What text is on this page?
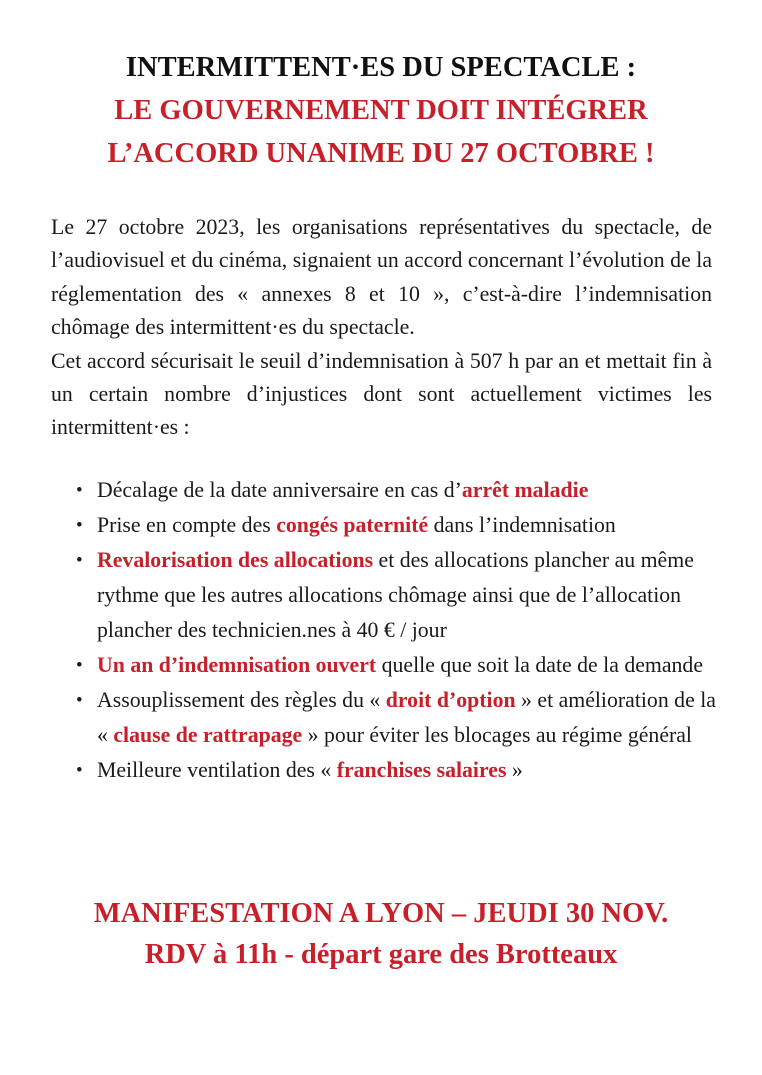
INTERMITTENT·ES DU SPECTACLE :
LE GOUVERNEMENT DOIT INTÉGRER
L’ACCORD UNANIME DU 27 OCTOBRE !

Le 27 octobre 2023, les organisations représentatives du spectacle, de l’audiovisuel et du cinéma, signaient un accord concernant l’évolution de la réglementation des « annexes 8 et 10 », c’est-à-dire l’indemnisation chômage des intermittent·es du spectacle.

Cet accord sécurisait le seuil d’indemnisation à 507 h par an et mettait fin à un certain nombre d’injustices dont sont actuellement victimes les intermittent·es :

• Décalage de la date anniversaire en cas d’arrêt maladie
• Prise en compte des congés paternité dans l’indemnisation
• Revalorisation des allocations et des allocations plancher au même rythme que les autres allocations chômage ainsi que de l’allocation plancher des technicien.nes à 40 € / jour
• Un an d’indemnisation ouvert quelle que soit la date de la demande
• Assouplissement des règles du « droit d’option » et amélioration de la « clause de rattrapage » pour éviter les blocages au régime général
• Meilleure ventilation des « franchises salaires »
MANIFESTATION A LYON – JEUDI 30 NOV.
RDV à 11h - départ gare des Brotteaux
